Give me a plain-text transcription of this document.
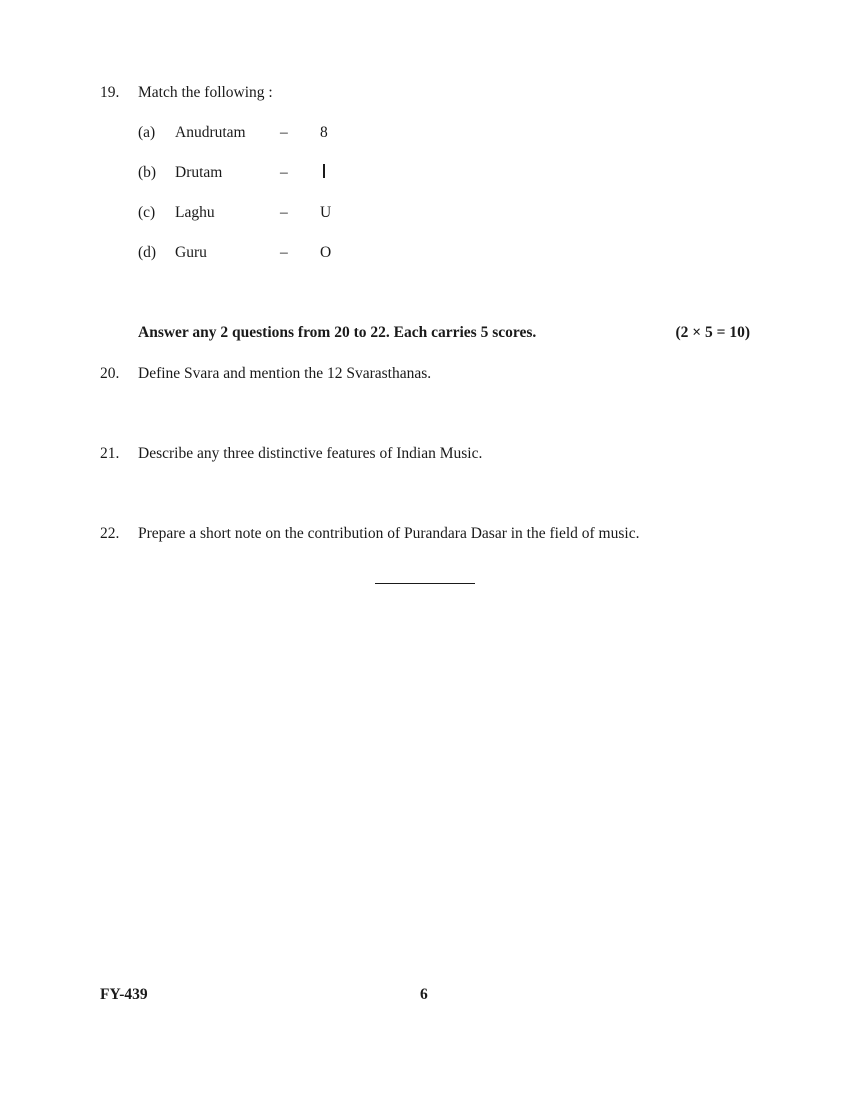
19. Match the following :
(a) Anudrutam – 8
(b) Drutam	–
(c) Laghu	– U
(d) Guru	– O
Answer any 2 questions from 20 to 22. Each carries 5 scores.	(2 × 5 = 10)
20. Define Svara and mention the 12 Svarasthanas.
21. Describe any three distinctive features of Indian Music.
22. Prepare a short note on the contribution of Purandara Dasar in the field of music.
FY-439	6
